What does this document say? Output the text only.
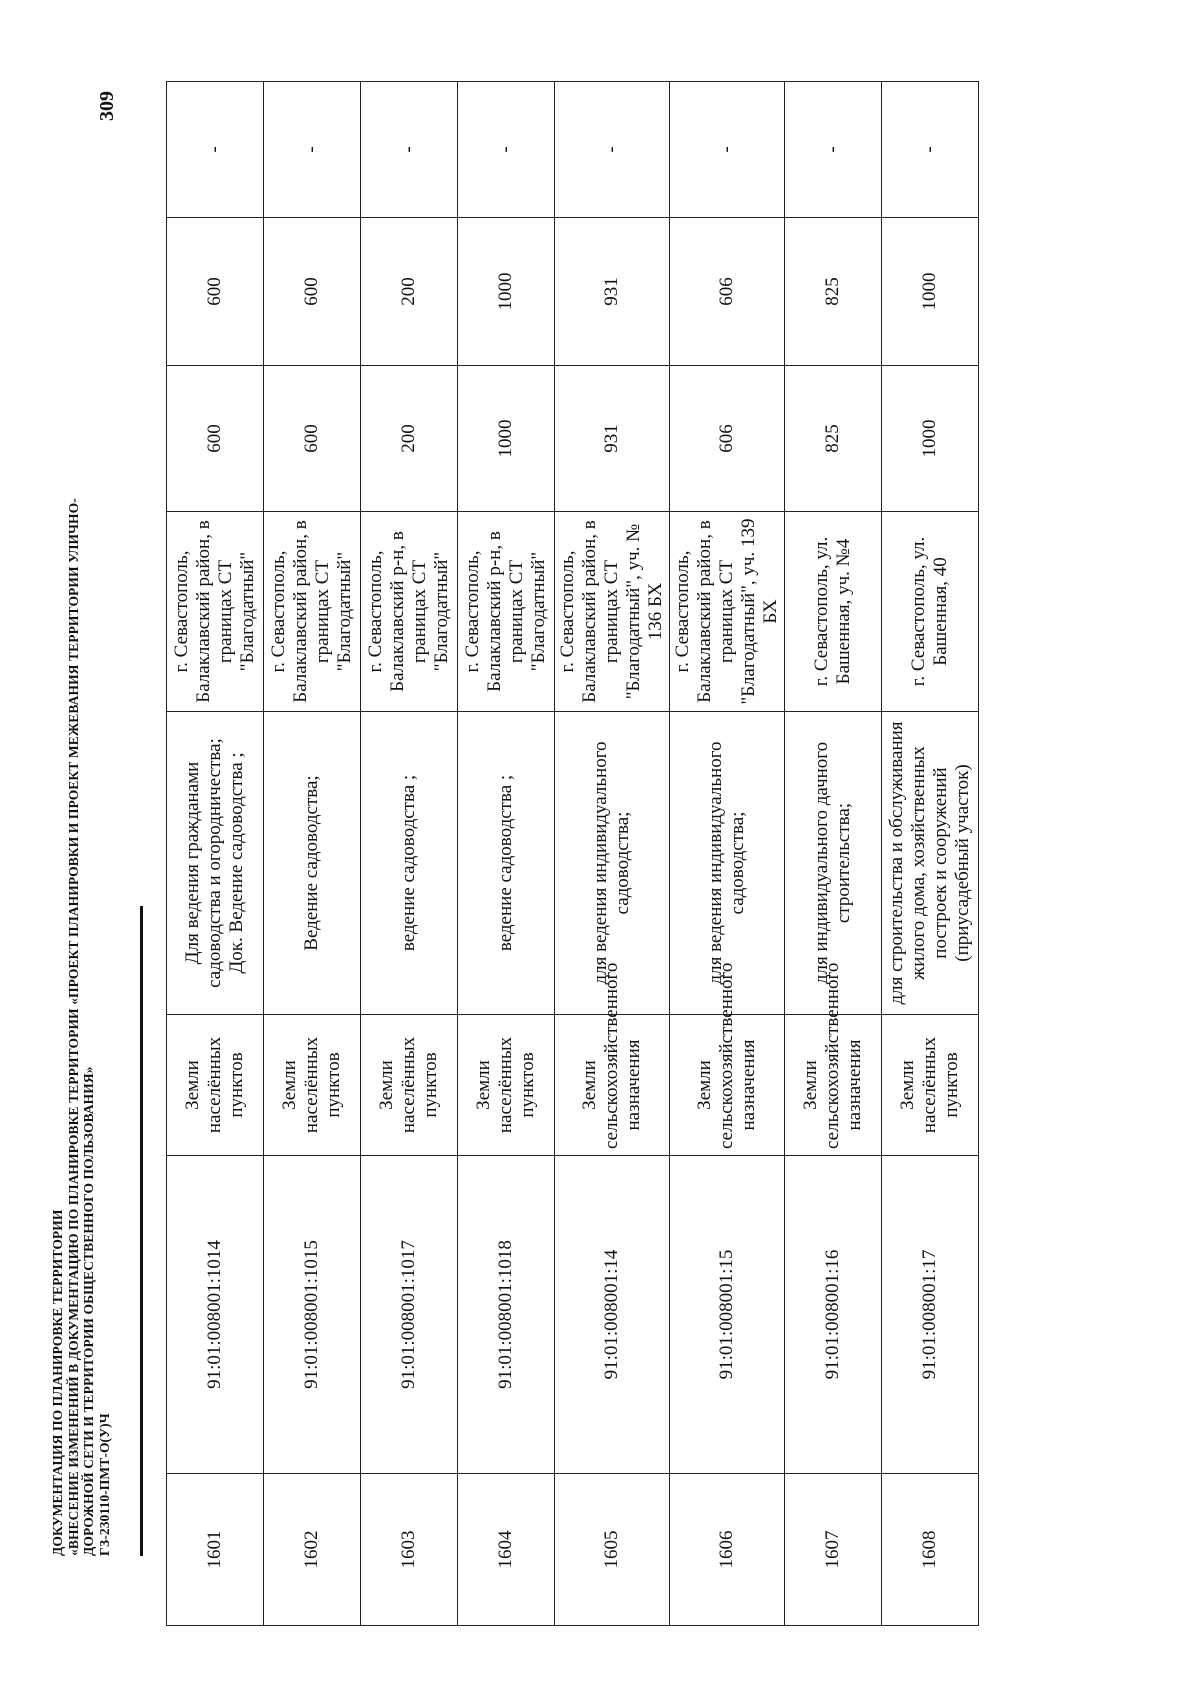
ДОКУМЕНТАЦИЯ ПО ПЛАНИРОВКЕ ТЕРРИТОРИИ «ВНЕСЕНИЕ ИЗМЕНЕНИЙ В ДОКУМЕНТАЦИЮ ПО ПЛАНИРОВКЕ ТЕРРИТОРИИ «ПРОЕКТ ПЛАНИРОВКИ И ПРОЕКТ МЕЖЕВАНИЯ ТЕРРИТОРИИ УЛИЧНО- ДОРОЖНОЙ СЕТИ И ТЕРРИТОРИИ ОБЩЕСТВЕННОГО ПОЛЬЗОВАНИЯ» ГЗ-230110-ПМТ-О(У)Ч
309
1601	91:01:008001:1014	Земли населённых пунктов	Для ведения гражданами садоводства и огородничества; Док. Ведение садоводства ;	г. Севастополь, Балаклавский район, в границах СТ "Благодатный"	600	600	-
1602	91:01:008001:1015	Земли населённых пунктов	Ведение садоводства;	г. Севастополь, Балаклавский район, в границах СТ "Благодатный"	600	600	-
1603	91:01:008001:1017	Земли населённых пунктов	ведение садоводства ;	г. Севастополь, Балаклавский р-н, в границах СТ "Благодатный"	200	200	-
1604	91:01:008001:1018	Земли населённых пунктов	ведение садоводства ;	г. Севастополь, Балаклавский р-н, в границах СТ "Благодатный"	1000	1000	-
1605	91:01:008001:14	Земли сельскохозяйственного назначения	для ведения индивидуального садоводства;	г. Севастополь, Балаклавский район, в границах СТ "Благодатный", уч. № 136 БХ	931	931	-
1606	91:01:008001:15	Земли сельскохозяйственного назначения	для ведения индивидуального садоводства;	г. Севастополь, Балаклавский район, в границах СТ "Благодатный", уч. 139 БХ	606	606	-
1607	91:01:008001:16	Земли сельскохозяйственного назначения	для индивидуального дачного строительства;	г. Севастополь, ул. Башенная, уч. №4	825	825	-
1608	91:01:008001:17	Земли населённых пунктов	для строительства и обслуживания жилого дома, хозяйственных построек и сооружений (приусадебный участок)	г. Севастополь, ул. Башенная, 40	1000	1000	-
